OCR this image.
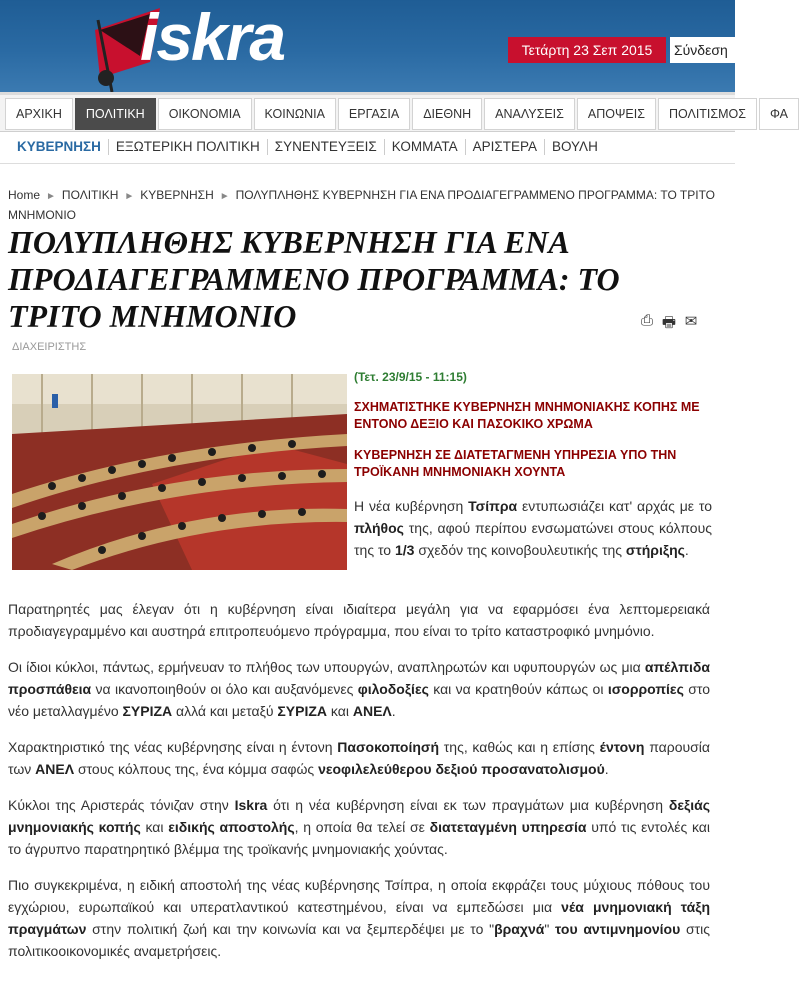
iskra	Τετάρτη 23 Σεπ 2015	Σύνδεση
ΑΡΧΙΚΗ	ΠΟΛΙΤΙΚΗ	ΟΙΚΟΝΟΜΙΑ	ΚΟΙΝΩΝΙΑ	ΕΡΓΑΣΙΑ	ΔΙΕΘΝΗ	ΑΝΑΛΥΣΕΙΣ	ΑΠΟΨΕΙΣ	ΠΟΛΙΤΙΣΜΟΣ	ΦΑ
ΚΥΒΕΡΝΗΣΗ	ΕΞΩΤΕΡΙΚΗ ΠΟΛΙΤΙΚΗ	ΣΥΝΕΝΤΕΥΞΕΙΣ	ΚΟΜΜΑΤΑ	ΑΡΙΣΤΕΡΑ	ΒΟΥΛΗ
Home ► ΠΟΛΙΤΙΚΗ ► ΚΥΒΕΡΝΗΣΗ ► ΠΟΛΥΠΛΗΘΗΣ ΚΥΒΕΡΝΗΣΗ ΓΙΑ ΕΝΑ ΠΡΟΔΙΑΓΕΓΡΑΜΜΕΝΟ ΠΡΟΓΡΑΜΜΑ: ΤΟ ΤΡΙΤΟ ΜΝΗΜΟΝΙΟ
ΠΟΛΥΠΛΗΘΗΣ ΚΥΒΕΡΝΗΣΗ ΓΙΑ ΕΝΑ ΠΡΟΔΙΑΓΕΓΡΑΜΜΕΝΟ ΠΡΟΓΡΑΜΜΑ: ΤΟ ΤΡΙΤΟ ΜΝΗΜΟΝΙΟ	⎙ 🖶 ✉
ΔΙΑΧΕΙΡΙΣΤΗΣ
(Τετ. 23/9/15 - 11:15)
ΣΧΗΜΑΤΙΣΤΗΚΕ ΚΥΒΕΡΝΗΣΗ ΜΝΗΜΟΝΙΑΚΗΣ ΚΟΠΗΣ ΜΕ ΕΝΤΟΝΟ ΔΕΞΙΟ ΚΑΙ ΠΑΣΟΚΙΚΟ ΧΡΩΜΑ
ΚΥΒΕΡΝΗΣΗ ΣΕ ΔΙΑΤΕΤΑΓΜΕΝΗ ΥΠΗΡΕΣΙΑ ΥΠΟ ΤΗΝ ΤΡΟΪΚΑΝΗ ΜΝΗΜΟΝΙΑΚΗ ΧΟΥΝΤΑ

Η νέα κυβέρνηση Τσίπρα εντυπωσιάζει κατ' αρχάς με το πλήθος της, αφού περίπου ενσωματώνει στους κόλπους της το 1/3 σχεδόν της κοινοβουλευτικής της στήριξης.

Παρατηρητές μας έλεγαν ότι η κυβέρνηση είναι ιδιαίτερα μεγάλη για να εφαρμόσει ένα λεπτομερειακά προδιαγεγραμμένο και αυστηρά επιτροπευόμενο πρόγραμμα, που είναι το τρίτο καταστροφικό μνημόνιο.

Οι ίδιοι κύκλοι, πάντως, ερμήνευαν το πλήθος των υπουργών, αναπληρωτών και υφυπουργών ως μια απέλπιδα προσπάθεια να ικανοποιηθούν οι όλο και αυξανόμενες φιλοδοξίες και να κρατηθούν κάπως οι ισορροπίες στο νέο μεταλλαγμένο ΣΥΡΙΖΑ αλλά και μεταξύ ΣΥΡΙΖΑ και ΑΝΕΛ.

Χαρακτηριστικό της νέας κυβέρνησης είναι η έντονη Πασοκοποίησή της, καθώς και η επίσης έντονη παρουσία των ΑΝΕΛ στους κόλπους της, ένα κόμμα σαφώς νεοφιλελεύθερου δεξιού προσανατολισμού.

Κύκλοι της Αριστεράς τόνιζαν στην Iskra ότι η νέα κυβέρνηση είναι εκ των πραγμάτων μια κυβέρνηση δεξιάς μνημονιακής κοπής και ειδικής αποστολής, η οποία θα τελεί σε διατεταγμένη υπηρεσία υπό τις εντολές και το άγρυπνο παρατηρητικό βλέμμα της τροϊκανής μνημονιακής χούντας.

Πιο συγκεκριμένα, η ειδική αποστολή της νέας κυβέρνησης Τσίπρα, η οποία εκφράζει τους μύχιους πόθους του εγχώριου, ευρωπαϊκού και υπερατλαντικού κατεστημένου, είναι να εμπεδώσει μια νέα μνημονιακή τάξη πραγμάτων στην πολιτική ζωή και την κοινωνία και να ξεμπερδέψει με το "βραχνά" του αντιμνημονίου στις πολιτικοοικονομικές αναμετρήσεις.
